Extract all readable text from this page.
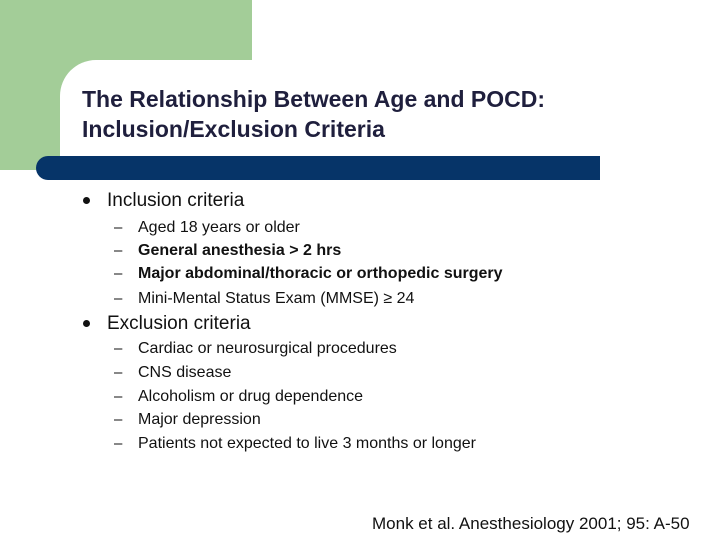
The Relationship Between Age and POCD:
Inclusion/Exclusion Criteria
Inclusion criteria
– Aged 18 years or older
– General anesthesia > 2 hrs
– Major abdominal/thoracic or orthopedic surgery
– Mini-Mental Status Exam (MMSE) ≥ 24
Exclusion criteria
– Cardiac or neurosurgical procedures
– CNS disease
– Alcoholism or drug dependence
– Major depression
– Patients not expected to live 3 months or longer
Monk et al. Anesthesiology 2001; 95: A-50
